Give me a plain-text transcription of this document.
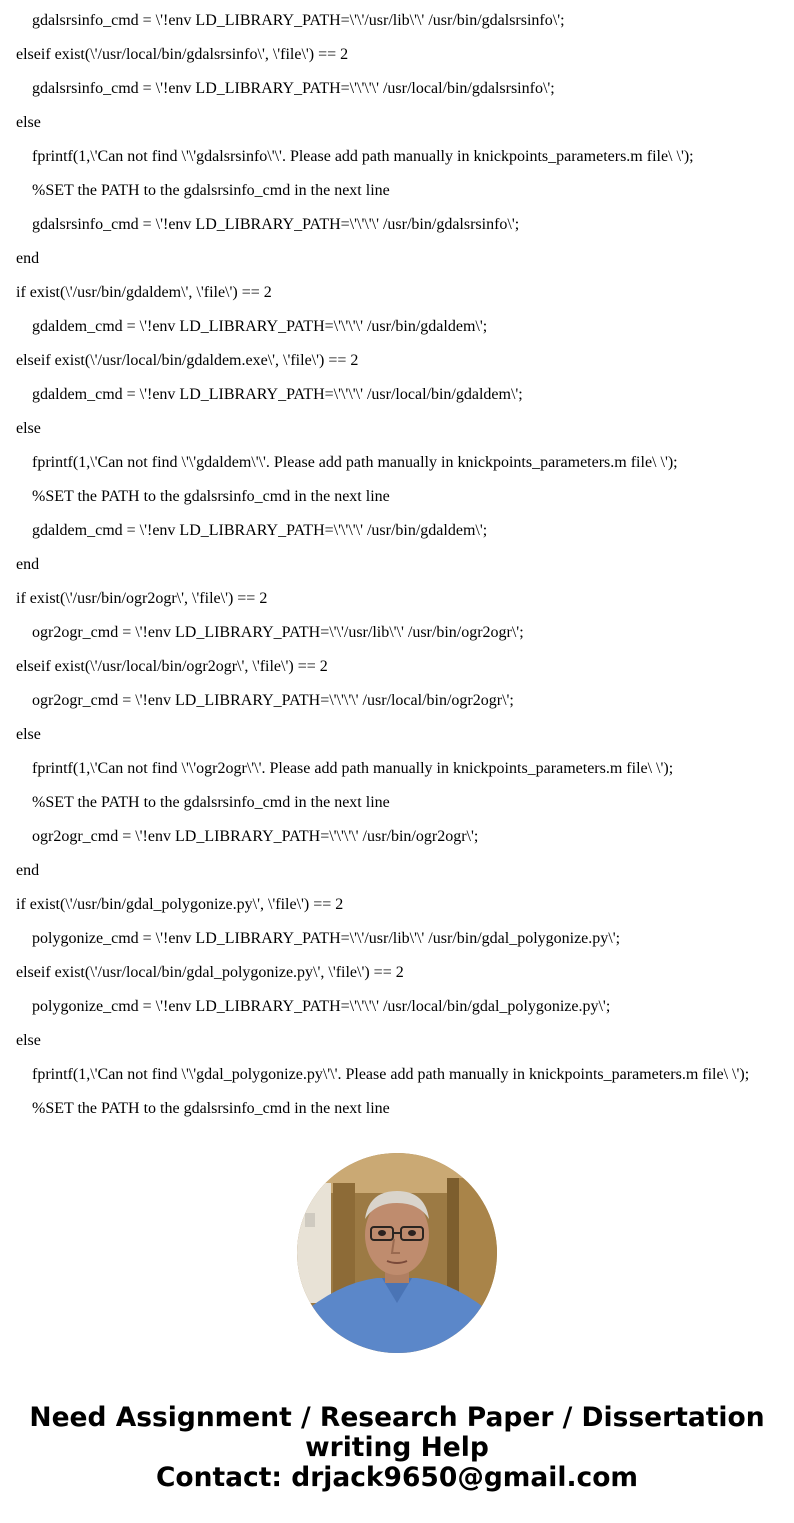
gdalsrsinfo_cmd = \'!env LD_LIBRARY_PATH=\'\'/usr/lib\'\' /usr/bin/gdalsrsinfo\';
elseif exist(\'/usr/local/bin/gdalsrsinfo\', \'file\') == 2
gdalsrsinfo_cmd = \'!env LD_LIBRARY_PATH=\'\'\'\' /usr/local/bin/gdalsrsinfo\';
else
fprintf(1,\'Can not find \'\'gdalsrsinfo\'\'. Please add path manually in knickpoints_parameters.m file\ \');
%SET the PATH to the gdalsrsinfo_cmd in the next line
gdalsrsinfo_cmd = \'!env LD_LIBRARY_PATH=\'\'\'\' /usr/bin/gdalsrsinfo\';
end
if exist(\'/usr/bin/gdaldem\', \'file\') == 2
gdaldem_cmd = \'!env LD_LIBRARY_PATH=\'\'\'\' /usr/bin/gdaldem\';
elseif exist(\'/usr/local/bin/gdaldem.exe\', \'file\') == 2
gdaldem_cmd = \'!env LD_LIBRARY_PATH=\'\'\'\' /usr/local/bin/gdaldem\';
else
fprintf(1,\'Can not find \'\'gdaldem\'\'. Please add path manually in knickpoints_parameters.m file\ \');
%SET the PATH to the gdalsrsinfo_cmd in the next line
gdaldem_cmd = \'!env LD_LIBRARY_PATH=\'\'\'\' /usr/bin/gdaldem\';
end
if exist(\'/usr/bin/ogr2ogr\', \'file\') == 2
ogr2ogr_cmd = \'!env LD_LIBRARY_PATH=\'\'/usr/lib\'\' /usr/bin/ogr2ogr\';
elseif exist(\'/usr/local/bin/ogr2ogr\', \'file\') == 2
ogr2ogr_cmd = \'!env LD_LIBRARY_PATH=\'\'\'\' /usr/local/bin/ogr2ogr\';
else
fprintf(1,\'Can not find \'\'ogr2ogr\'\'. Please add path manually in knickpoints_parameters.m file\ \');
%SET the PATH to the gdalsrsinfo_cmd in the next line
ogr2ogr_cmd = \'!env LD_LIBRARY_PATH=\'\'\'\' /usr/bin/ogr2ogr\';
end
if exist(\'/usr/bin/gdal_polygonize.py\', \'file\') == 2
polygonize_cmd = \'!env LD_LIBRARY_PATH=\'\'/usr/lib\'\' /usr/bin/gdal_polygonize.py\';
elseif exist(\'/usr/local/bin/gdal_polygonize.py\', \'file\') == 2
polygonize_cmd = \'!env LD_LIBRARY_PATH=\'\'\'\' /usr/local/bin/gdal_polygonize.py\';
else
fprintf(1,\'Can not find \'\'gdal_polygonize.py\'\'. Please add path manually in knickpoints_parameters.m file\ \');
%SET the PATH to the gdalsrsinfo_cmd in the next line
Need Assignment / Research Paper / Dissertation
writing Help
Contact: drjack9650@gmail.com
